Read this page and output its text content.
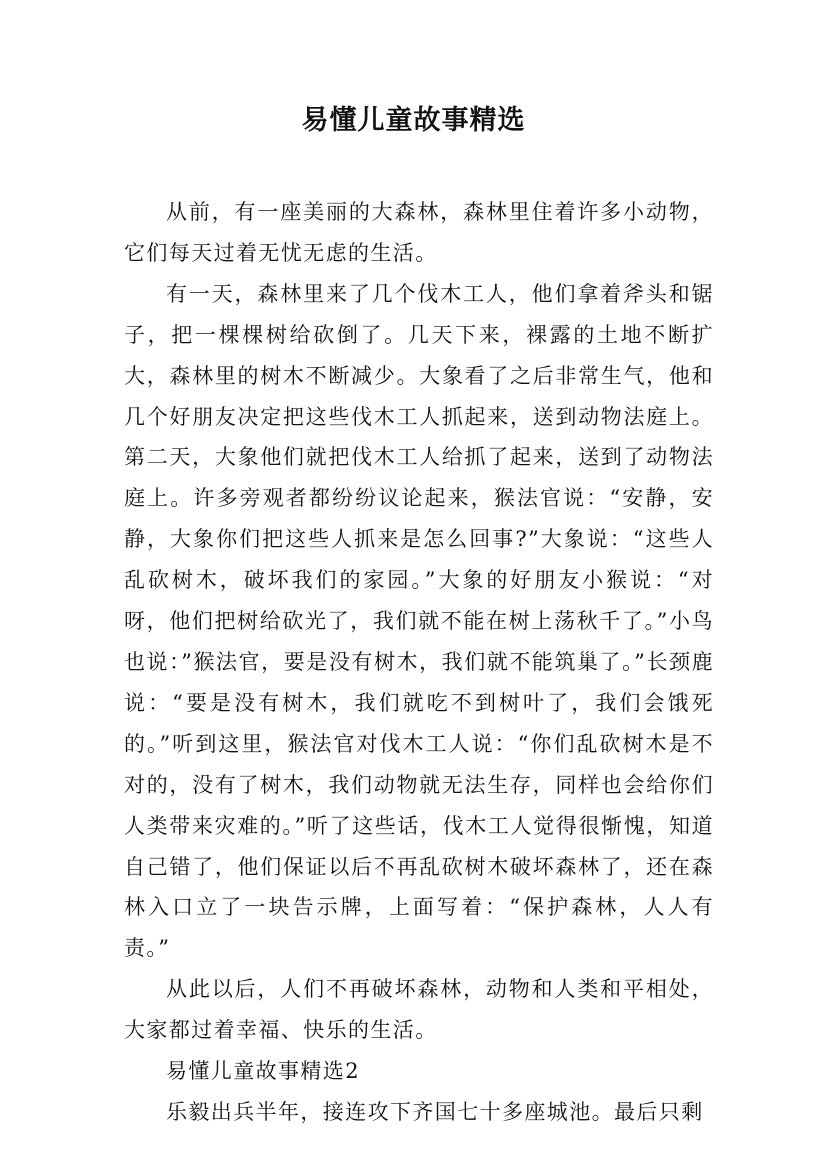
易懂儿童故事精选

从前，有一座美丽的大森林，森林里住着许多小动物，它们每天过着无忧无虑的生活。

有一天，森林里来了几个伐木工人，他们拿着斧头和锯子，把一棵棵树给砍倒了。几天下来，裸露的土地不断扩大，森林里的树木不断减少。大象看了之后非常生气，他和几个好朋友决定把这些伐木工人抓起来，送到动物法庭上。第二天，大象他们就把伐木工人给抓了起来，送到了动物法庭上。许多旁观者都纷纷议论起来，猴法官说：“安静，安静，大象你们把这些人抓来是怎么回事?”大象说：“这些人乱砍树木，破坏我们的家园。”大象的好朋友小猴说：“对呀，他们把树给砍光了，我们就不能在树上荡秋千了。”小鸟也说：”猴法官，要是没有树木，我们就不能筑巢了。”长颈鹿说：“要是没有树木，我们就吃不到树叶了，我们会饿死的。”听到这里，猴法官对伐木工人说：“你们乱砍树木是不对的，没有了树木，我们动物就无法生存，同样也会给你们人类带来灾难的。”听了这些话，伐木工人觉得很惭愧，知道自己错了，他们保证以后不再乱砍树木破坏森林了，还在森林入口立了一块告示牌，上面写着：“保护森林，人人有责。”

从此以后，人们不再破坏森林，动物和人类和平相处，大家都过着幸福、快乐的生活。

易懂儿童故事精选2

乐毅出兵半年，接连攻下齐国七十多座城池。最后只剩
